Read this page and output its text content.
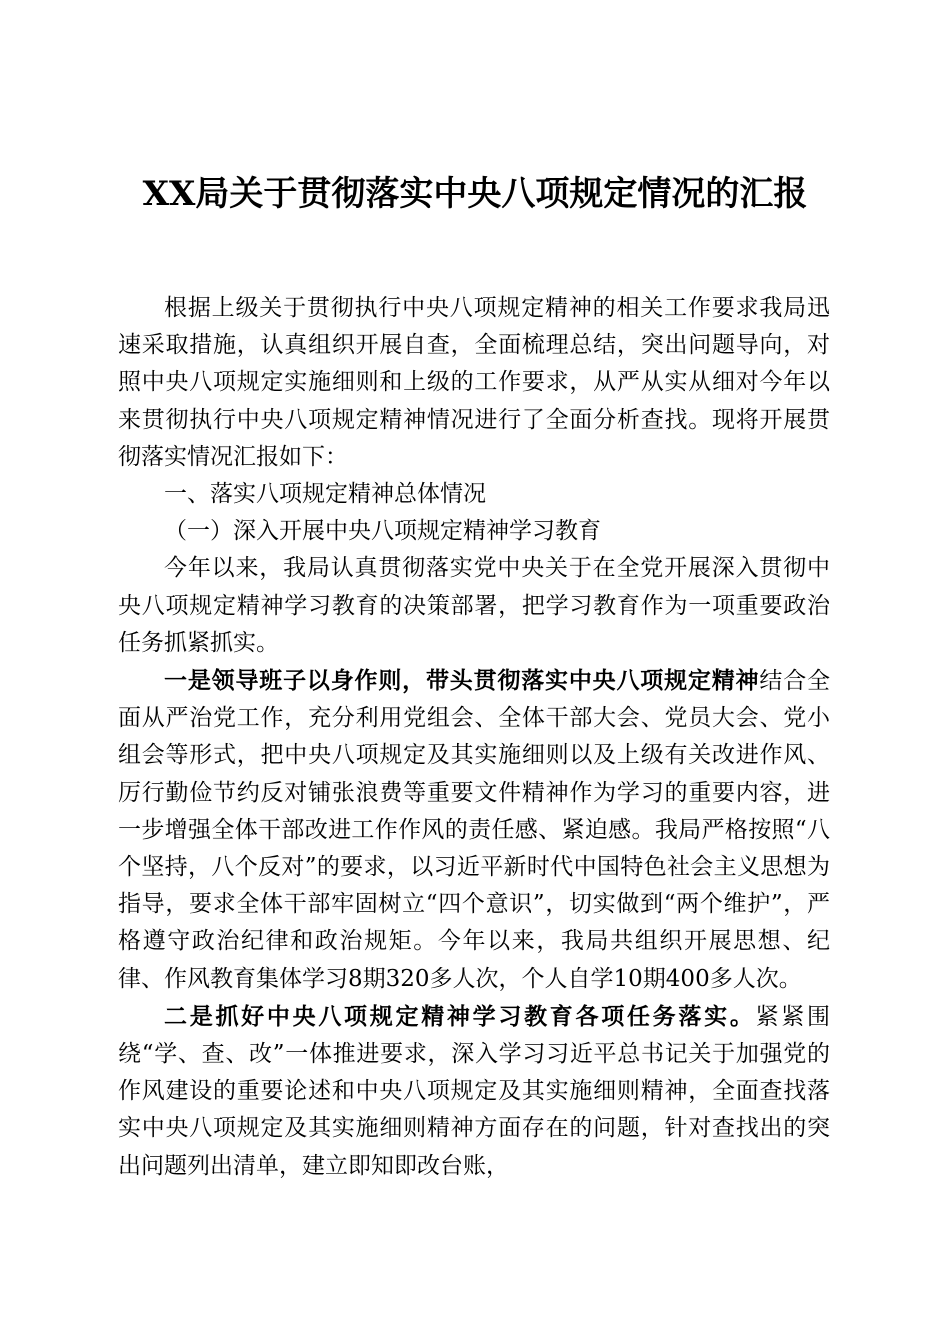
XX局关于贯彻落实中央八项规定情况的汇报

根据上级关于贯彻执行中央八项规定精神的相关工作要求我局迅速采取措施，认真组织开展自查，全面梳理总结，突出问题导向，对照中央八项规定实施细则和上级的工作要求，从严从实从细对今年以来贯彻执行中央八项规定精神情况进行了全面分析查找。现将开展贯彻落实情况汇报如下：

一、落实八项规定精神总体情况

（一）深入开展中央八项规定精神学习教育

今年以来，我局认真贯彻落实党中央关于在全党开展深入贯彻中央八项规定精神学习教育的决策部署，把学习教育作为一项重要政治任务抓紧抓实。

一是领导班子以身作则，带头贯彻落实中央八项规定精神结合全面从严治党工作，充分利用党组会、全体干部大会、党员大会、党小组会等形式，把中央八项规定及其实施细则以及上级有关改进作风、厉行勤俭节约反对铺张浪费等重要文件精神作为学习的重要内容，进一步增强全体干部改进工作作风的责任感、紧迫感。我局严格按照“八个坚持，八个反对”的要求，以习近平新时代中国特色社会主义思想为指导，要求全体干部牢固树立“四个意识”，切实做到“两个维护”，严格遵守政治纪律和政治规矩。今年以来，我局共组织开展思想、纪律、作风教育集体学习8期320多人次，个人自学10期400多人次。

二是抓好中央八项规定精神学习教育各项任务落实。紧紧围绕“学、查、改”一体推进要求，深入学习习近平总书记关于加强党的作风建设的重要论述和中央八项规定及其实施细则精神，全面查找落实中央八项规定及其实施细则精神方面存在的问题，针对查找出的突出问题列出清单，建立即知即改台账，
